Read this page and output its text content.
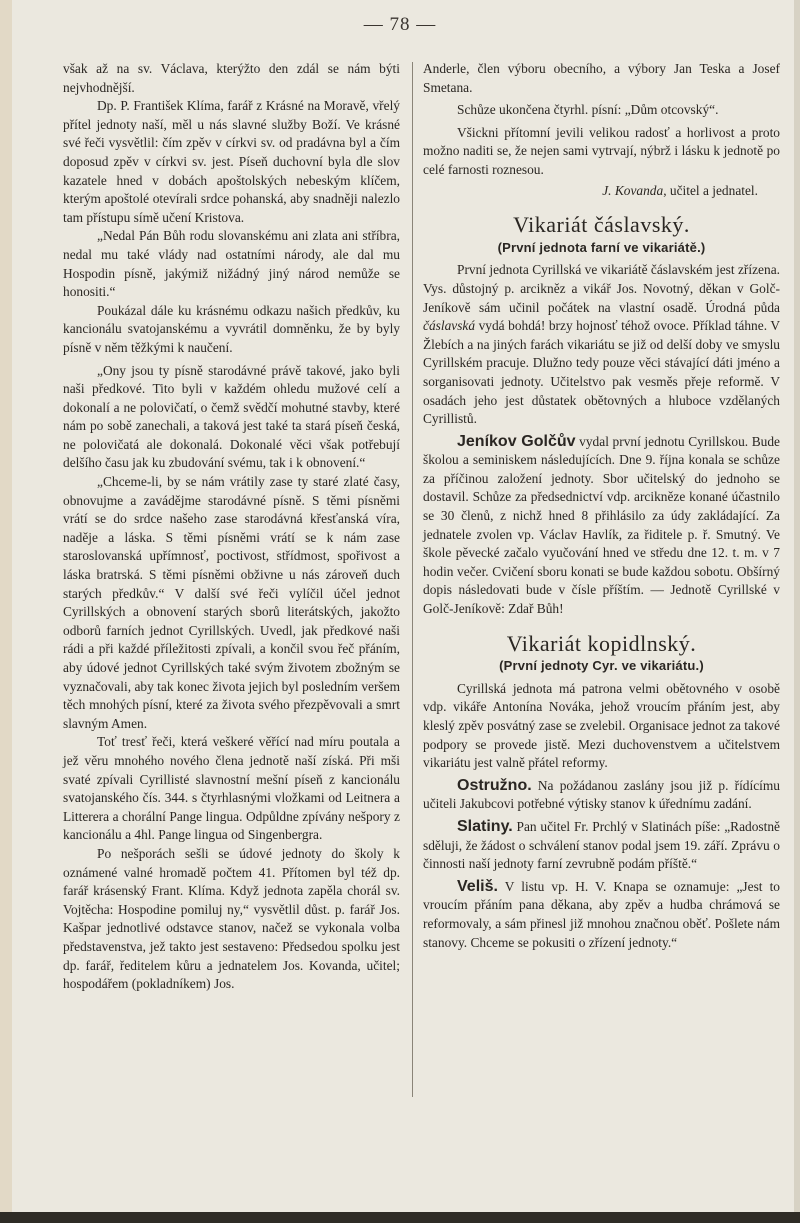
— 78 —

však až na sv. Václava, kterýžto den zdál se nám býti nejvhodnější.

Dp. P. František Klíma, farář z Krásné na Moravě, vřelý přítel jednoty naší, měl u nás slavné služby Boží. Ve krásné své řeči vysvětlil: čím zpěv v církvi sv. od pradávna byl a čím doposud zpěv v církvi sv. jest. Píseň duchovní byla dle slov kazatele hned v dobách apoštolských nebeským klíčem, kterým apoštolé otevírali srdce pohanská, aby snadněji nalezlo tam přístupu símě učení Kristova.

„Nedal Pán Bůh rodu slovanskému ani zlata ani stříbra, nedal mu také vlády nad ostatními národy, ale dal mu Hospodin písně, jakýmiž nižádný jiný národ nemůže se honositi.“

Poukázal dále ku krásnému odkazu našich předkův, ku kancionálu svatojanskému a vyvrátil domněnku, že by byly písně v něm těžkými k naučení.

„Ony jsou ty písně starodávné právě takové, jako byli naši předkové. Tito byli v každém ohledu mužové celí a dokonalí a ne polovičatí, o čemž svědčí mohutné stavby, které nám po sobě zanechali, a taková jest také ta stará píseň česká, ne polovičatá ale dokonalá. Dokonalé věci však potřebují delšího času jak ku zbudování svému, tak i k obnovení.“

„Chceme-li, by se nám vrátily zase ty staré zlaté časy, obnovujme a zaváděјme starodávné písně. S těmi písněmi vrátí se do srdce našeho zase starodávná křesťanská víra, naděje a láska. S těmi písněmi vrátí se k nám zase staroslovanská upřímnosť, poctivost, střídmost, spořivost a láska bratrská. S těmi písněmi obživne u nás zároveň duch starých předkův.“ V další své řeči vylíčil účel jednot Cyrillských a obnovení starých sborů literátských, jakožto odborů farních jednot Cyrillských. Uvedl, jak předkové naši rádi a při každé příležitosti zpívali, a končil svou řeč přáním, aby údové jednot Cyrillských také svým životem zbožným se vyznačovali, aby tak konec života jejich byl posledním veršem těch mnohých písní, které za života svého přezpěvovali a smrt slavným Amen.

Toť tresť řeči, která veškeré věřící nad míru poutala a jež věru mnohého nového člena jednotě naší získá. Při mši svaté zpívali Cyrillisté slavnostní mešní píseň z kancionálu svatojanského čís. 344. s čtyrhlasnými vložkami od Leitnera a Litterera a chorální Pange lingua. Odpůldne zpívány nešpory z kancionálu a 4hl. Pange lingua od Singenbergra.

Po nešporách sešli se údové jednoty do školy k oznámené valné hromadě počtem 41. Přítomen byl též dp. farář krásenský Frant. Klíma. Když jednota zapěla chorál sv. Vojtěcha: Hospodine pomiluj ny,“ vysvětlil důst. p. farář Jos. Kašpar jednotlivé odstavce stanov, načež se vykonala volba představenstva, jež takto jest sestaveno: Předsedou spolku jest dp. farář, ředitelem kůru a jednatelem Jos. Kovanda, učitel; hospodářem (pokladníkem) Jos.

Anderle, člen výboru obecního, a výbory Jan Teska a Josef Smetana.

Schůze ukončena čtyrhl. písní: „Dům otcovský“.

Všickni přítomní jevili velikou radosť a horlivost a proto možno naditi se, že nejen sami vytrvají, nýbrž i lásku k jednotě po celé farnosti roznesou.

J. Kovanda, učitel a jednatel.

Vikariát čáslavský.
(První jednota farní ve vikariátě.)

První jednota Cyrillská ve vikariátě čáslavském jest zřízena. Vys. důstojný p. arcikněz a vikář Jos. Novotný, děkan v Golč-Jeníkově sám učinil počátek na vlastní osadě. Úrodná půda čáslavská vydá bohdá! brzy hojnosť téhož ovoce. Příklad táhne. V Žlebích a na jiných farách vikariátu se již od delší doby ve smyslu Cyrillském pracuje. Dlužno tedy pouze věci stávající dáti jméno a sorganisovati jednoty. Učitelstvo pak vesměs přeje reformě. V osadách jeho jest důstatek obětovných a hluboce vzdělaných Cyrillistů.

Jeníkov Golčův vydal první jednotu Cyrillskou. Bude školou a seminiskem následujících. Dne 9. října konala se schůze za příčinou založení jednoty. Sbor učitelský do jednoho se dostavil. Schůze za předsednictví vdp. arcikněze konané účastnilo se 30 členů, z nichž hned 8 přihlásilo za údy zakládající. Za jednatele zvolen vp. Václav Havlík, za řiditele p. ř. Smutný. Ve škole pěvecké začalo vyučování hned ve středu dne 12. t. m. v 7 hodin večer. Cvičení sboru konati se bude každou sobotu. Obšírný dopis následovati bude v čísle příštím. — Jednotě Cyrillské v Golč-Jeníkově: Zdař Bůh!

Vikariát kopidlnský.
(První jednoty Cyr. ve vikariátu.)

Cyrillská jednota má patrona velmi obětovného v osobě vdp. vikáře Antonína Nováka, jehož vroucím přáním jest, aby kleslý zpěv posvátný zase se zvelebil. Organisace jednot za takové podpory se provede jistě. Mezi duchovenstvem a učitelstvem vikariátu jest valně přátel reformy.

Ostružno. Na požádanou zaslány jsou již p. řídícímu učiteli Jakubcovi potřebné výtisky stanov k úřednímu zadání.

Slatiny. Pan učitel Fr. Prchlý v Slatinách píše: „Radostně sděluji, že žádost o schválení stanov podal jsem 19. září. Zprávu o činnosti naší jednoty farní zevrubně podám příště.“

Veliš. V listu vp. H. V. Knapa se oznamuje: „Jest to vroucím přáním pana děkana, aby zpěv a hudba chrámová se reformovaly, a sám přinesl již mnohou značnou oběť. Pošlete nám stanovy. Chceme se pokusiti o zřízení jednoty.“
